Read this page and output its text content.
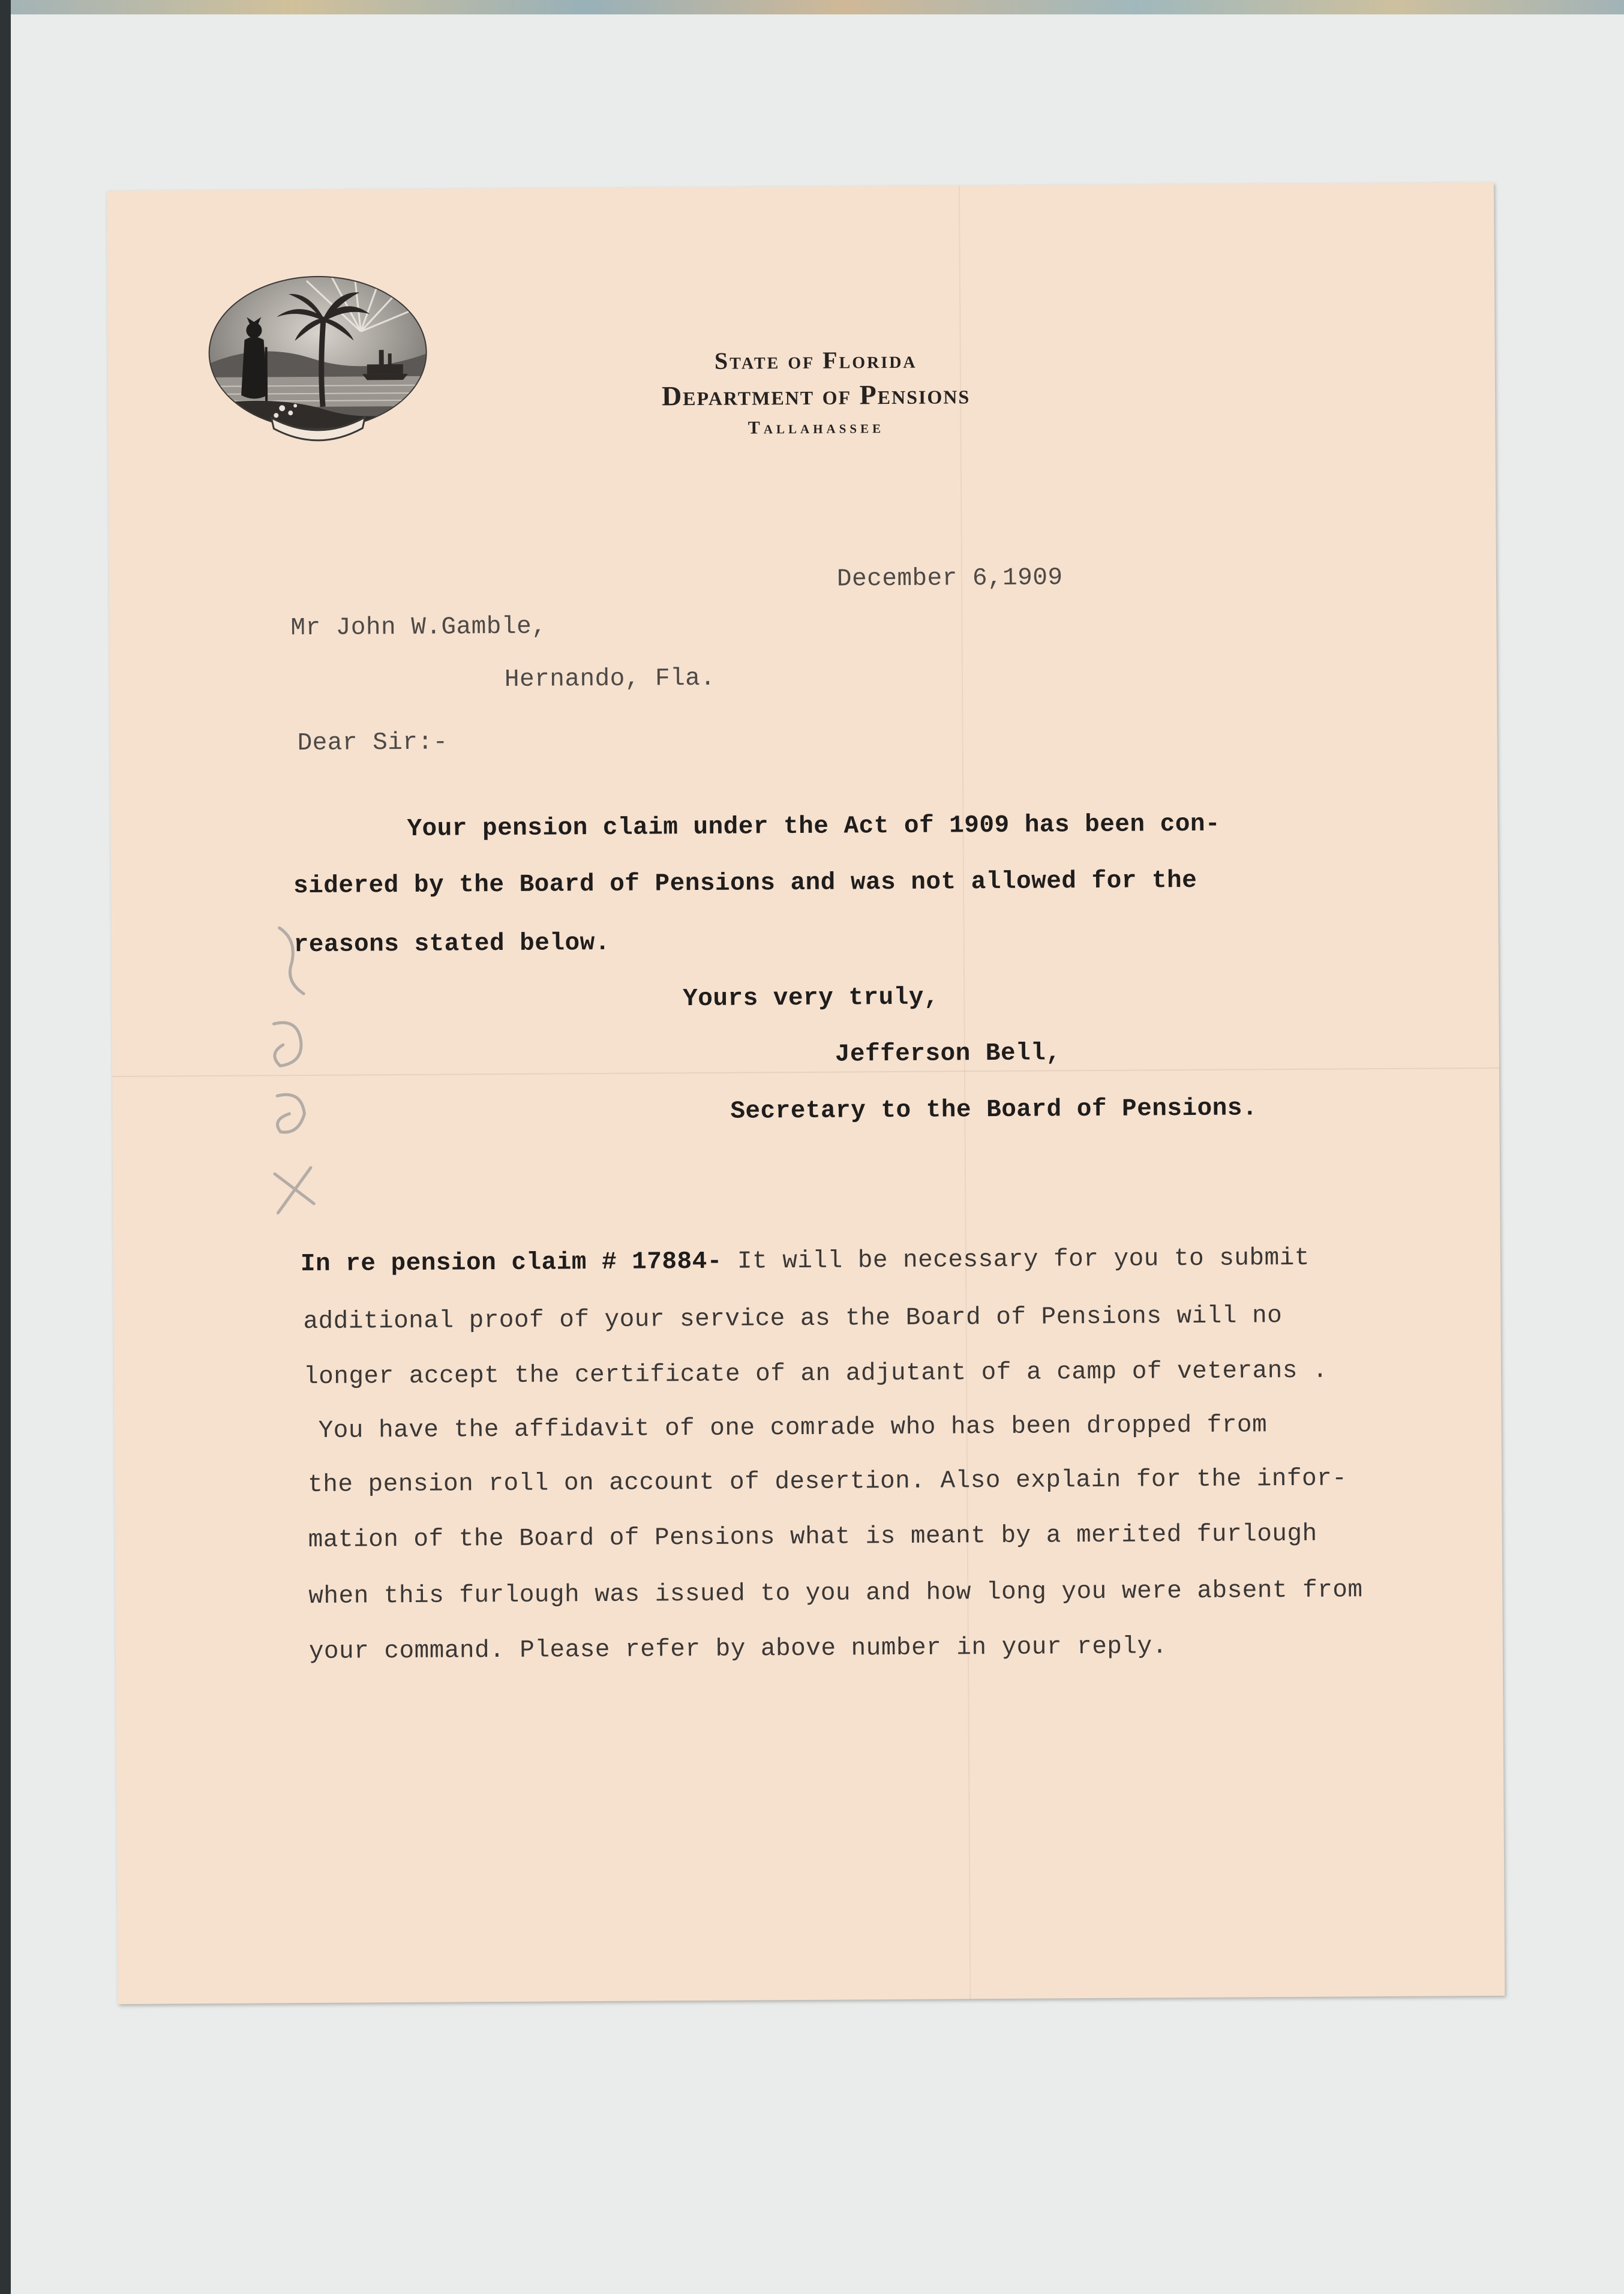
State of Florida
Department of Pensions
Tallahassee
December 6,1909
Mr John W.Gamble,
Hernando, Fla.
Dear Sir:-
Your pension claim under the Act of 1909 has been con-
sidered by the Board of Pensions and was not allowed for the
reasons stated below.
Yours very truly,
Jefferson Bell,
Secretary to the Board of Pensions.
In re pension claim # 17884- It will be necessary for you to submit
additional proof of your service as the Board of Pensions will no
longer accept the certificate of an adjutant of a camp of veterans .
You have the affidavit of one comrade who has been dropped from
the pension roll on account of desertion. Also explain for the infor-
mation of the Board of Pensions what is meant by a merited furlough
when this furlough was issued to you and how long you were absent from
your command. Please refer by above number in your reply.
